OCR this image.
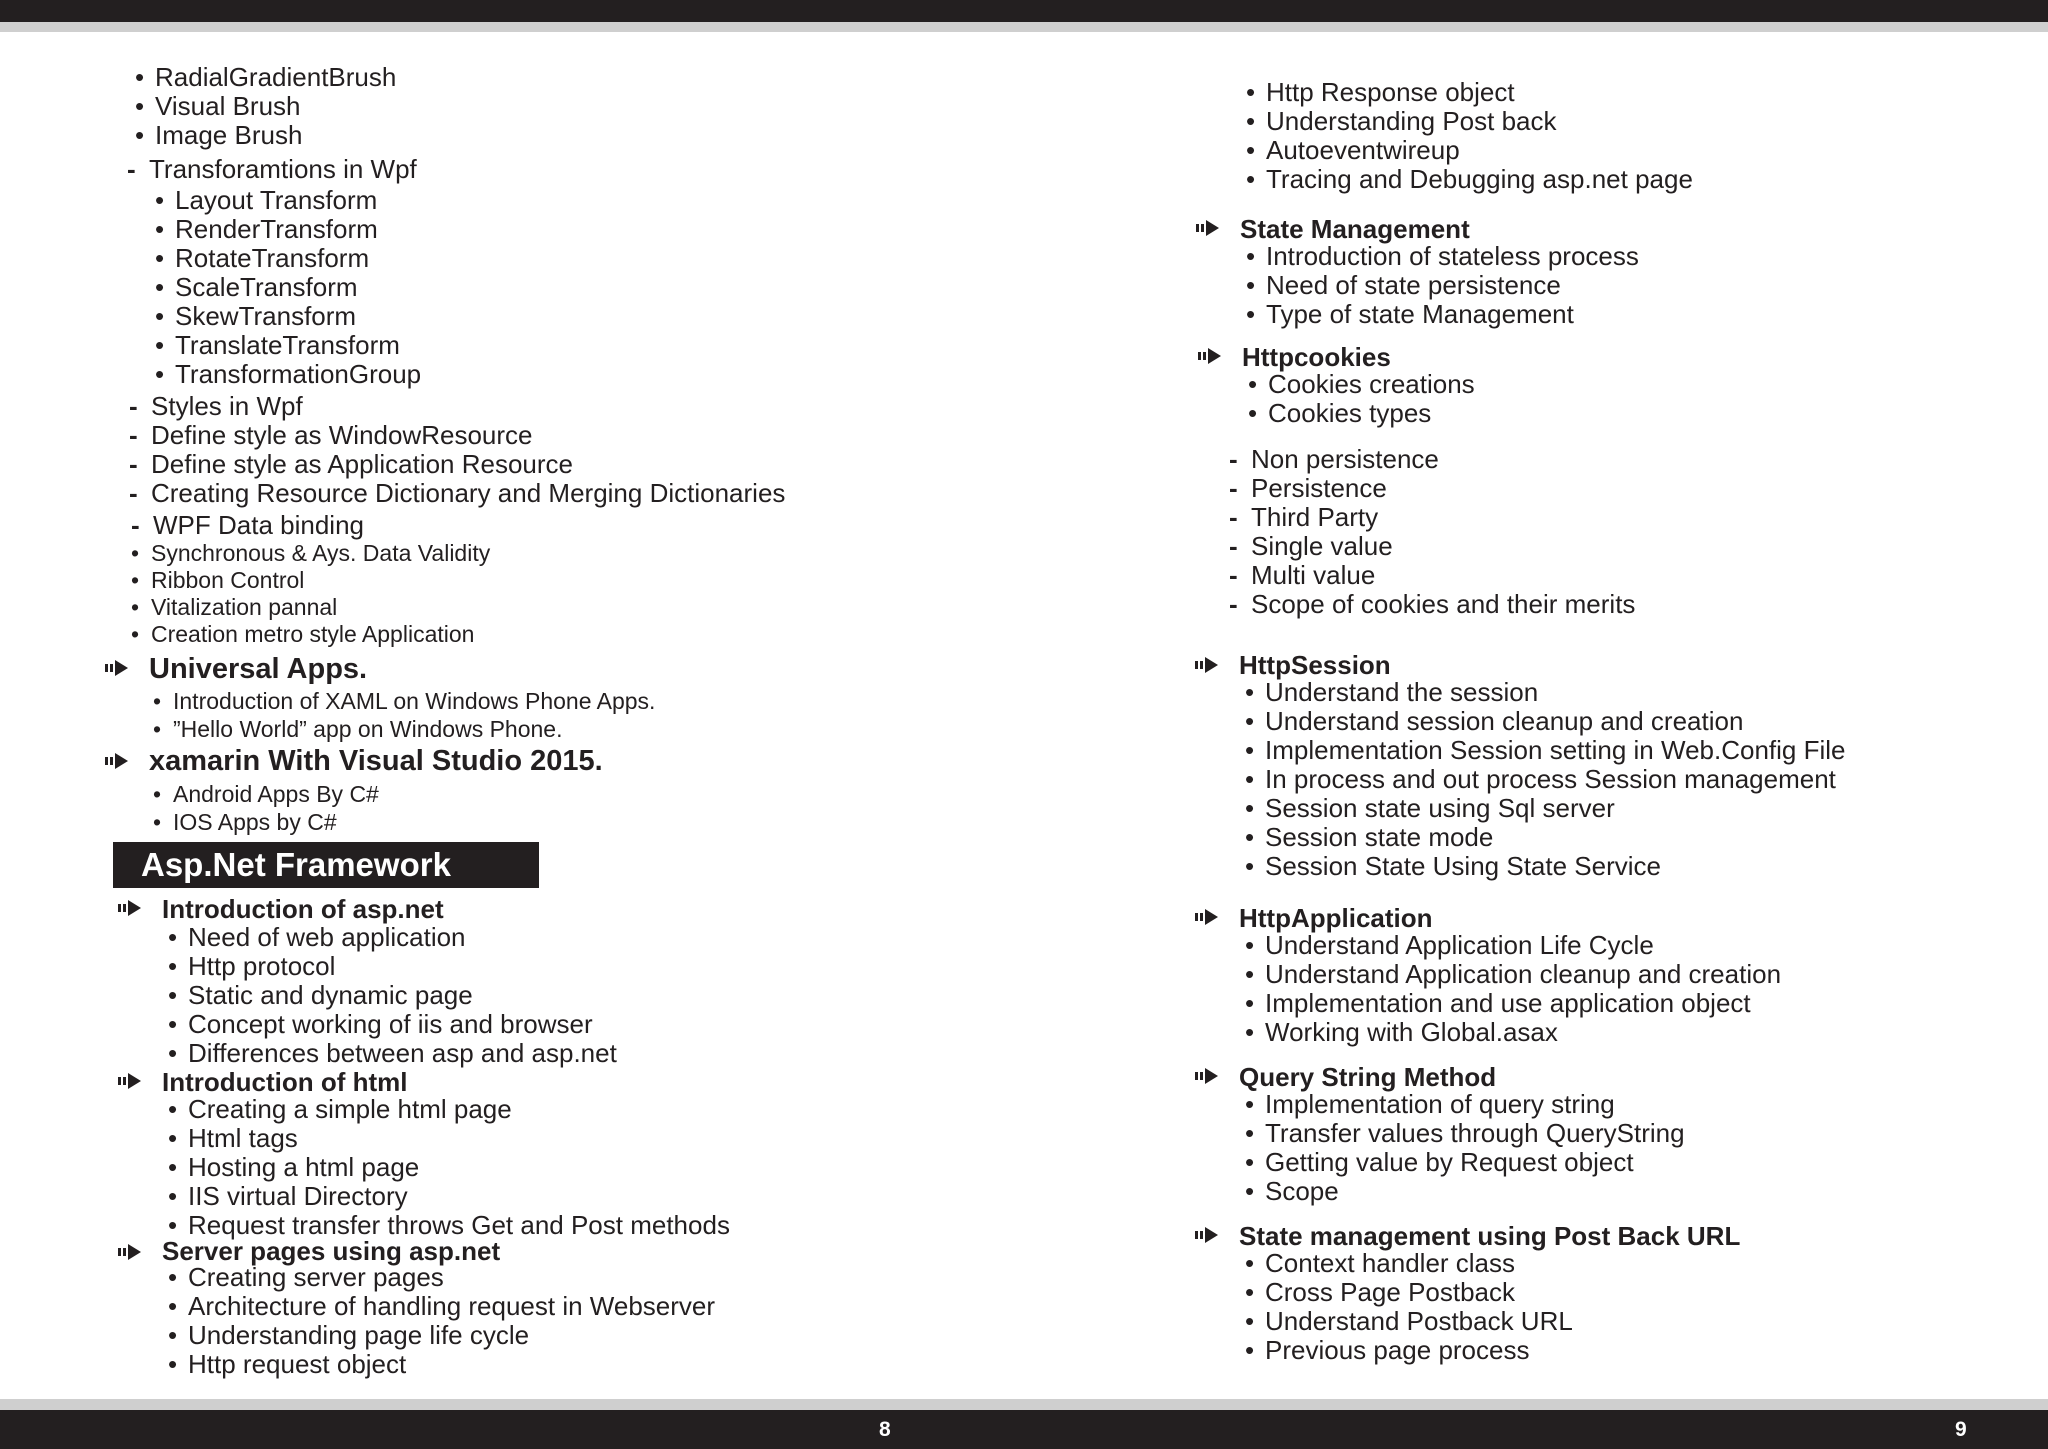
8	9
• RadialGradientBrush
• Visual Brush
• Image Brush
- Transforamtions in Wpf
• Layout Transform
• RenderTransform
• RotateTransform
• ScaleTransform
• SkewTransform
• TranslateTransform
• TransformationGroup
- Styles in Wpf
- Define style as WindowResource
- Define style as Application Resource
- Creating Resource Dictionary and Merging Dictionaries
- WPF Data binding
• Synchronous & Ays. Data Validity
• Ribbon Control
• Vitalization pannal
• Creation metro style Application
Universal Apps.
• Introduction of XAML on Windows Phone Apps.
• ”Hello World” app on Windows Phone.
xamarin With Visual Studio 2015.
• Android Apps By C#
• IOS Apps by C#
Asp.Net Framework
Introduction of asp.net
• Need of web application
• Http protocol
• Static and dynamic page
• Concept working of iis and browser
• Differences between asp and asp.net
Introduction of html
• Creating a simple html page
• Html tags
• Hosting a html page
• IIS virtual Directory
• Request transfer throws Get and Post methods
Server pages using asp.net
• Creating server pages
• Architecture of handling request in Webserver
• Understanding page life cycle
• Http request object
• Http Response object
• Understanding Post back
• Autoeventwireup
• Tracing and Debugging asp.net page
State Management
• Introduction of stateless process
• Need of state persistence
• Type of state Management
Httpcookies
• Cookies creations
• Cookies types
- Non persistence
- Persistence
- Third Party
- Single value
- Multi value
- Scope of cookies and their merits
HttpSession
• Understand the session
• Understand session cleanup and creation
• Implementation Session setting in Web.Config File
• In process and out process Session management
• Session state using Sql server
• Session state mode
• Session State Using State Service
HttpApplication
• Understand Application Life Cycle
• Understand Application cleanup and creation
• Implementation and use application object
• Working with Global.asax
Query String Method
• Implementation of query string
• Transfer values through QueryString
• Getting value by Request object
• Scope
State management using Post Back URL
• Context handler class
• Cross Page Postback
• Understand Postback URL
• Previous page process
